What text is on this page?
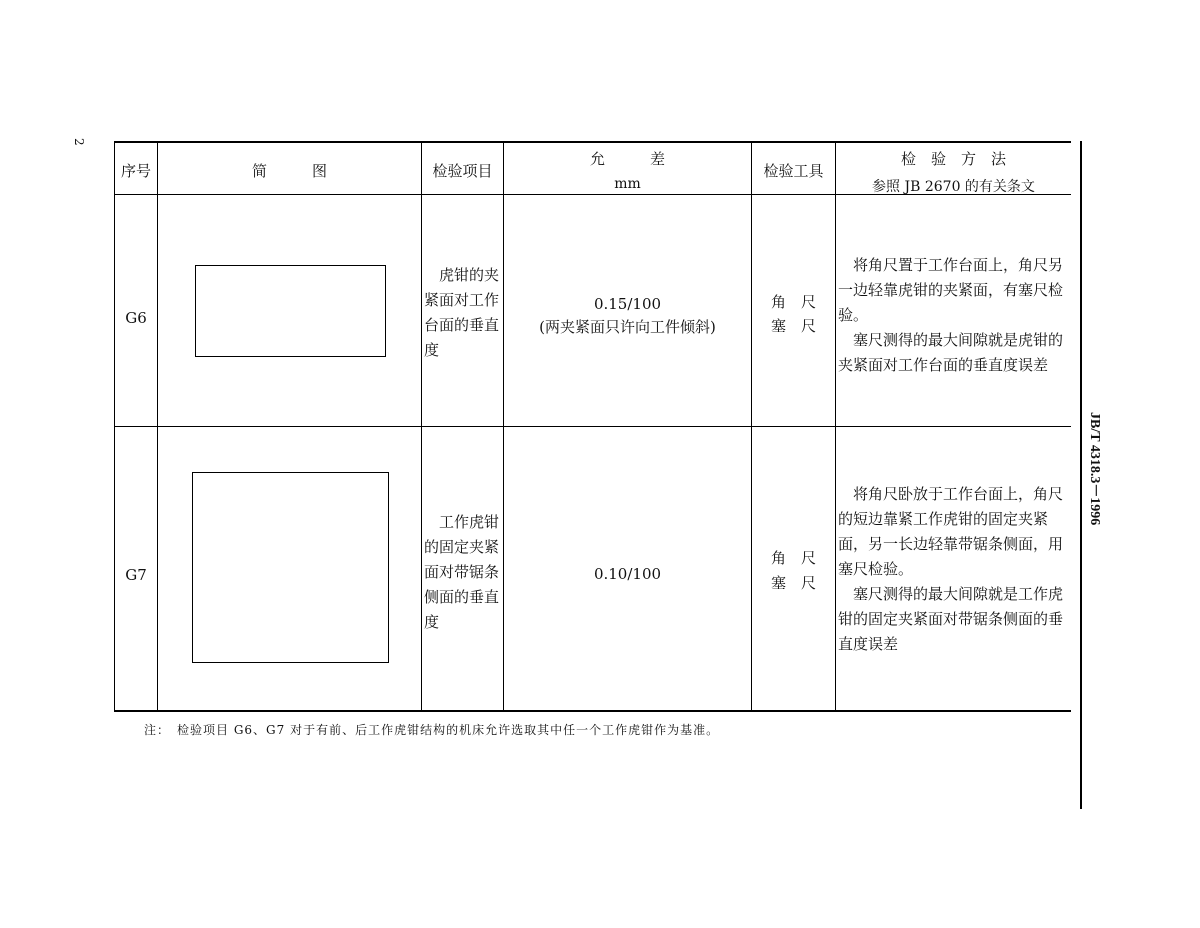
2
JB/T 4318.3－1996
序号	简　　　图	检验项目
允　　　差
mm
检验工具
检　验　方　法
参照 JB 2670 的有关条文
G6
　虎钳的夹
紧面对工作
台面的垂直
度
0.15/100
(两夹紧面只许向工件倾斜)
角　尺
塞　尺
　将角尺置于工作台面上，角尺另
一边轻靠虎钳的夹紧面，有塞尺检
验。
　塞尺测得的最大间隙就是虎钳的
夹紧面对工作台面的垂直度误差
G7
　工作虎钳
的固定夹紧
面对带锯条
侧面的垂直
度
0.10/100
角　尺
塞　尺
　将角尺卧放于工作台面上，角尺
的短边靠紧工作虎钳的固定夹紧
面，另一长边轻靠带锯条侧面，用
塞尺检验。
　塞尺测得的最大间隙就是工作虎
钳的固定夹紧面对带锯条侧面的垂
直度误差
注：　检验项目 G6、G7 对于有前、后工作虎钳结构的机床允许选取其中任一个工作虎钳作为基准。
